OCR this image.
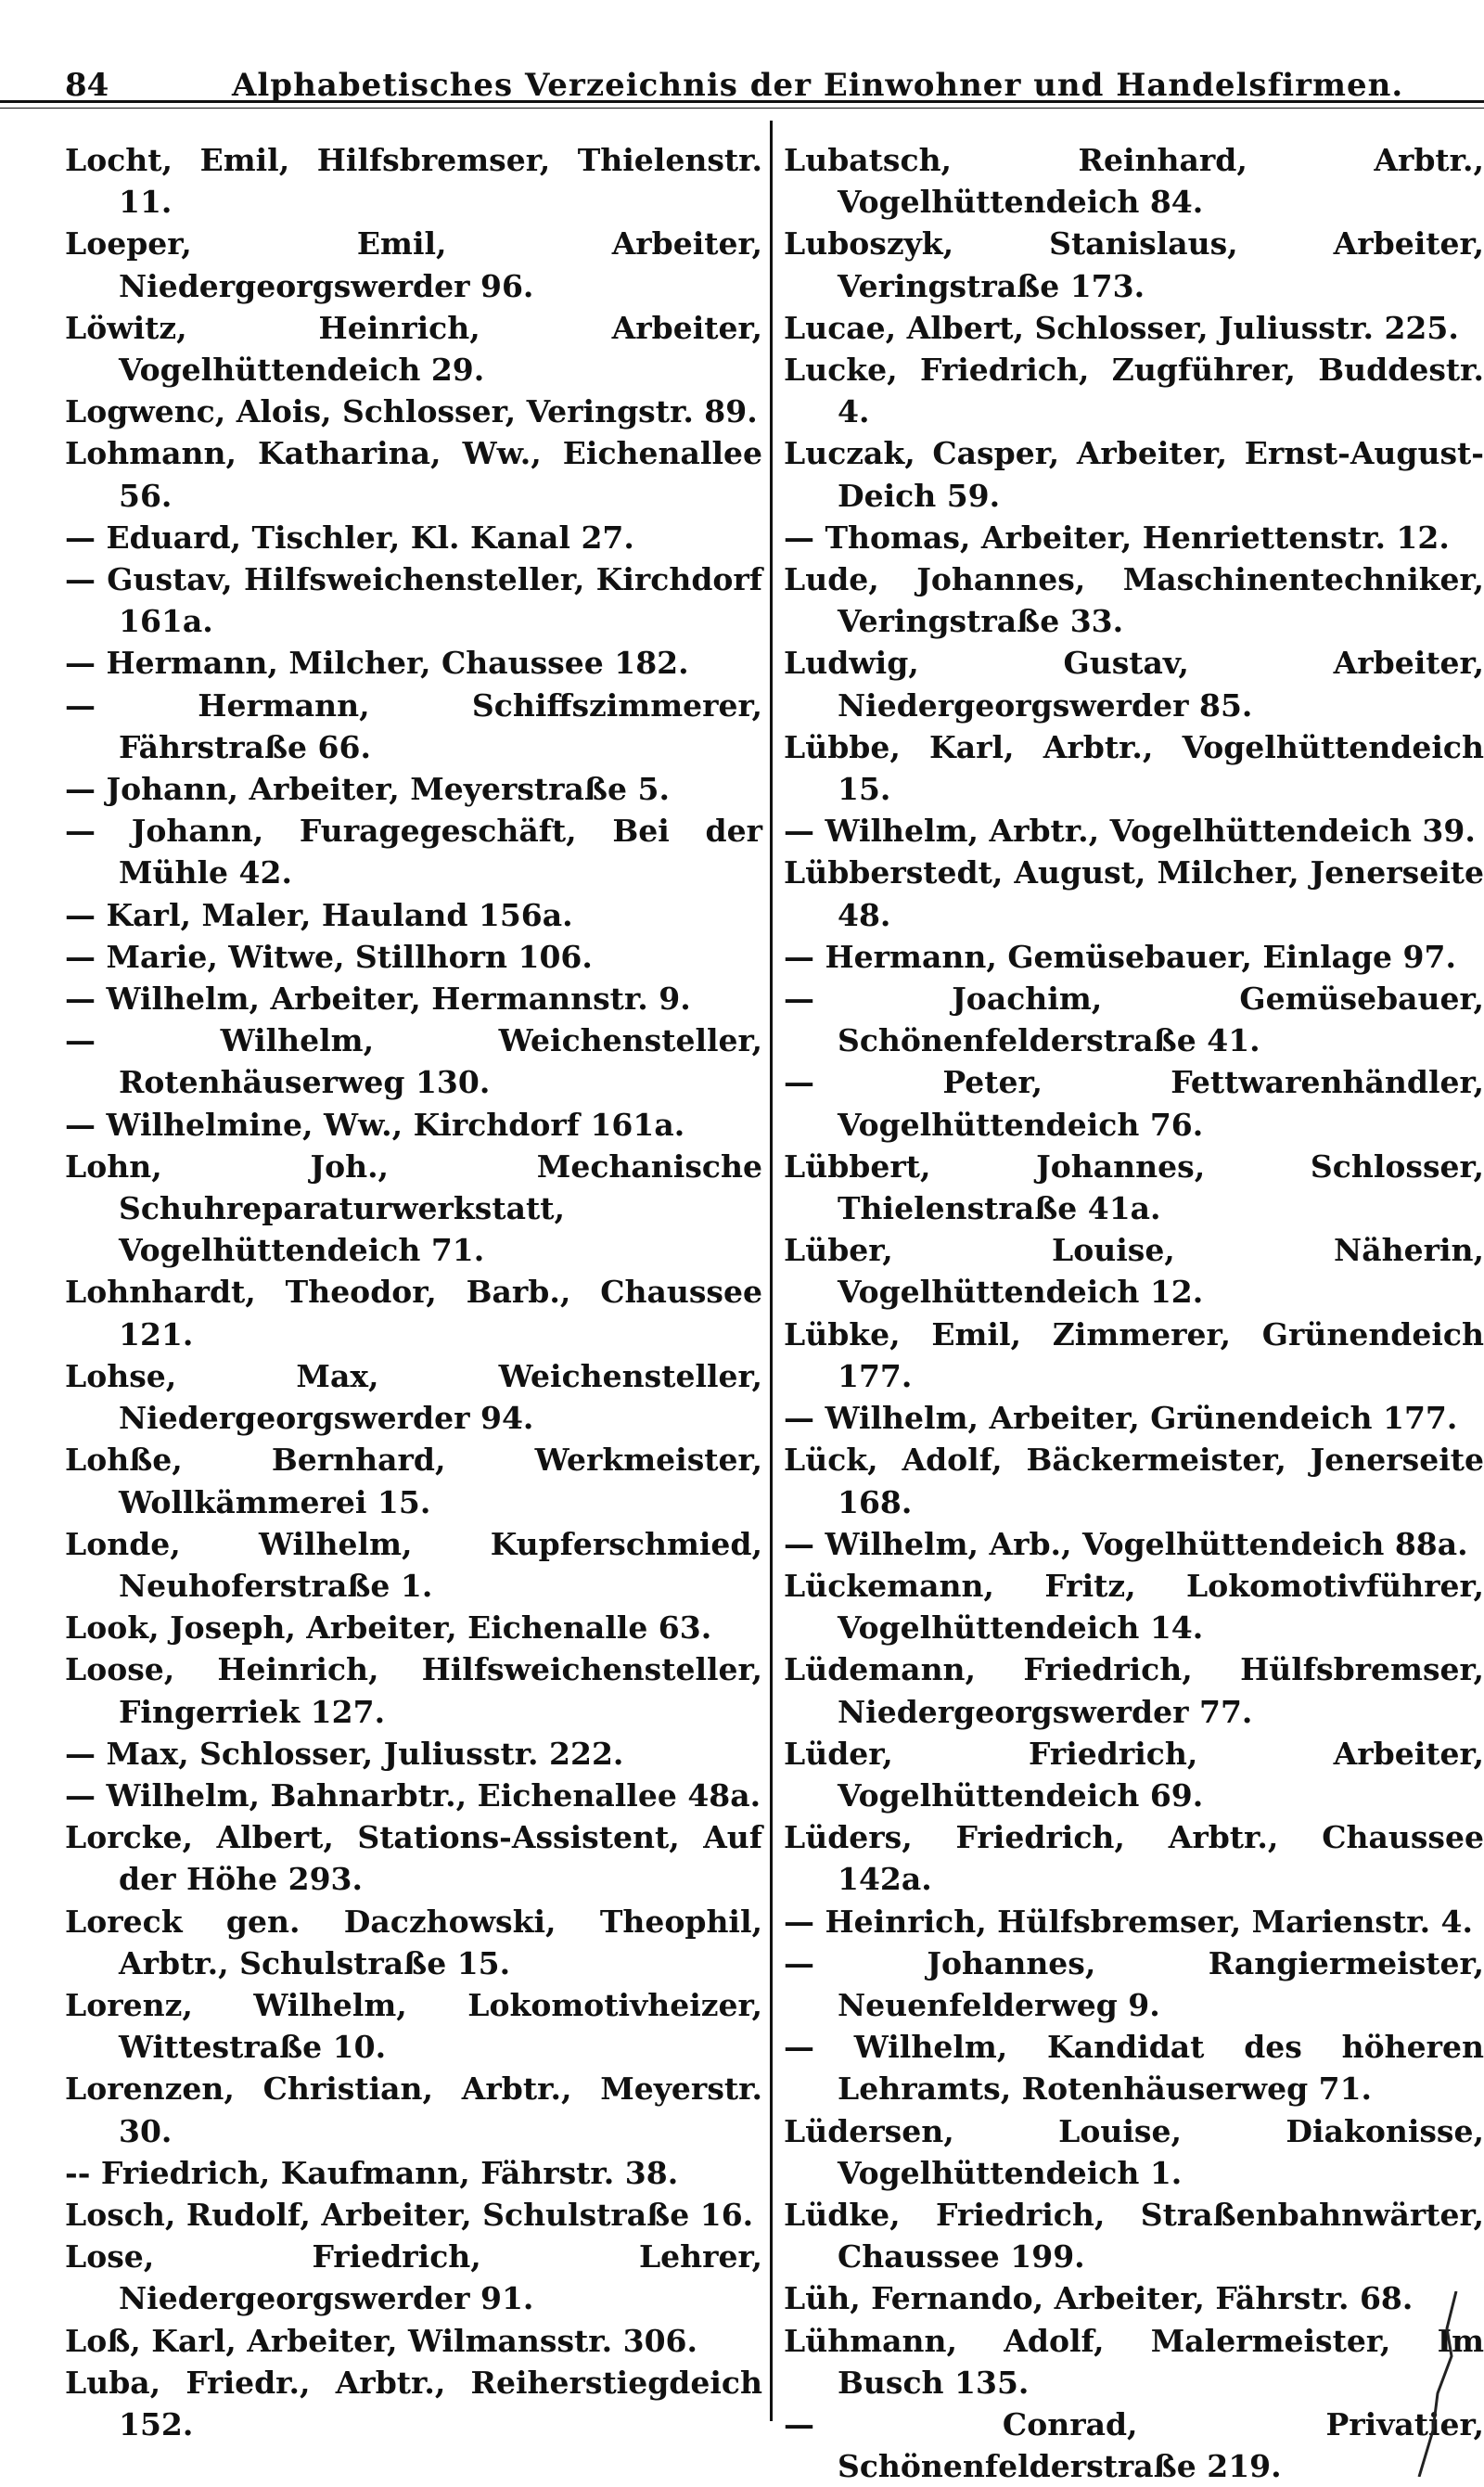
84	Alphabetisches Verzeichnis der Einwohner und Handelsfirmen.

Locht, Emil, Hilfsbremser, Thielenstr. 11.

Loeper, Emil, Arbeiter, Niedergeorgswerder 96.

Löwitz, Heinrich, Arbeiter, Vogelhüttendeich 29.

Logwenc, Alois, Schlosser, Veringstr. 89.

Lohmann, Katharina, Ww., Eichenallee 56.

— Eduard, Tischler, Kl. Kanal 27.

— Gustav, Hilfsweichensteller, Kirchdorf 161a.

— Hermann, Milcher, Chaussee 182.

— Hermann, Schiffszimmerer, Fährstraße 66.

— Johann, Arbeiter, Meyerstraße 5.

— Johann, Furagegeschäft, Bei der Mühle 42.

— Karl, Maler, Hauland 156a.

— Marie, Witwe, Stillhorn 106.

— Wilhelm, Arbeiter, Hermannstr. 9.

— Wilhelm, Weichensteller, Rotenhäuserweg 130.

— Wilhelmine, Ww., Kirchdorf 161a.

Lohn, Joh., Mechanische Schuhreparaturwerkstatt, Vogelhüttendeich 71.

Lohnhardt, Theodor, Barb., Chaussee 121.

Lohse, Max, Weichensteller, Niedergeorgswerder 94.

Lohße, Bernhard, Werkmeister, Wollkämmerei 15.

Londe, Wilhelm, Kupferschmied, Neuhoferstraße 1.

Look, Joseph, Arbeiter, Eichenalle 63.

Loose, Heinrich, Hilfsweichensteller, Fingerriek 127.

— Max, Schlosser, Juliusstr. 222.

— Wilhelm, Bahnarbtr., Eichenallee 48a.

Lorcke, Albert, Stations-Assistent, Auf der Höhe 293.

Loreck gen. Daczhowski, Theophil, Arbtr., Schulstraße 15.

Lorenz, Wilhelm, Lokomotivheizer, Wittestraße 10.

Lorenzen, Christian, Arbtr., Meyerstr. 30.

-- Friedrich, Kaufmann, Fährstr. 38.

Losch, Rudolf, Arbeiter, Schulstraße 16.

Lose, Friedrich, Lehrer, Niedergeorgswerder 91.

Loß, Karl, Arbeiter, Wilmansstr. 306.

Luba, Friedr., Arbtr., Reiherstiegdeich 152.

Lubatsch, Reinhard, Arbtr., Vogelhüttendeich 84.

Luboszyk, Stanislaus, Arbeiter, Veringstraße 173.

Lucae, Albert, Schlosser, Juliusstr. 225.

Lucke, Friedrich, Zugführer, Buddestr. 4.

Luczak, Casper, Arbeiter, Ernst-August-Deich 59.

— Thomas, Arbeiter, Henriettenstr. 12.

Lude, Johannes, Maschinentechniker, Veringstraße 33.

Ludwig, Gustav, Arbeiter, Niedergeorgswerder 85.

Lübbe, Karl, Arbtr., Vogelhüttendeich 15.

— Wilhelm, Arbtr., Vogelhüttendeich 39.

Lübberstedt, August, Milcher, Jenerseite 48.

— Hermann, Gemüsebauer, Einlage 97.

— Joachim, Gemüsebauer, Schönenfelderstraße 41.

— Peter, Fettwarenhändler, Vogelhüttendeich 76.

Lübbert, Johannes, Schlosser, Thielenstraße 41a.

Lüber, Louise, Näherin, Vogelhüttendeich 12.

Lübke, Emil, Zimmerer, Grünendeich 177.

— Wilhelm, Arbeiter, Grünendeich 177.

Lück, Adolf, Bäckermeister, Jenerseite 168.

— Wilhelm, Arb., Vogelhüttendeich 88a.

Lückemann, Fritz, Lokomotivführer, Vogelhüttendeich 14.

Lüdemann, Friedrich, Hülfsbremser, Niedergeorgswerder 77.

Lüder, Friedrich, Arbeiter, Vogelhüttendeich 69.

Lüders, Friedrich, Arbtr., Chaussee 142a.

— Heinrich, Hülfsbremser, Marienstr. 4.

— Johannes, Rangiermeister, Neuenfelderweg 9.

— Wilhelm, Kandidat des höheren Lehramts, Rotenhäuserweg 71.

Lüdersen, Louise, Diakonisse, Vogelhüttendeich 1.

Lüdke, Friedrich, Straßenbahnwärter, Chaussee 199.

Lüh, Fernando, Arbeiter, Fährstr. 68.

Lühmann, Adolf, Malermeister, Im Busch 135.

— Conrad, Privatier, Schönenfelderstraße 219.
